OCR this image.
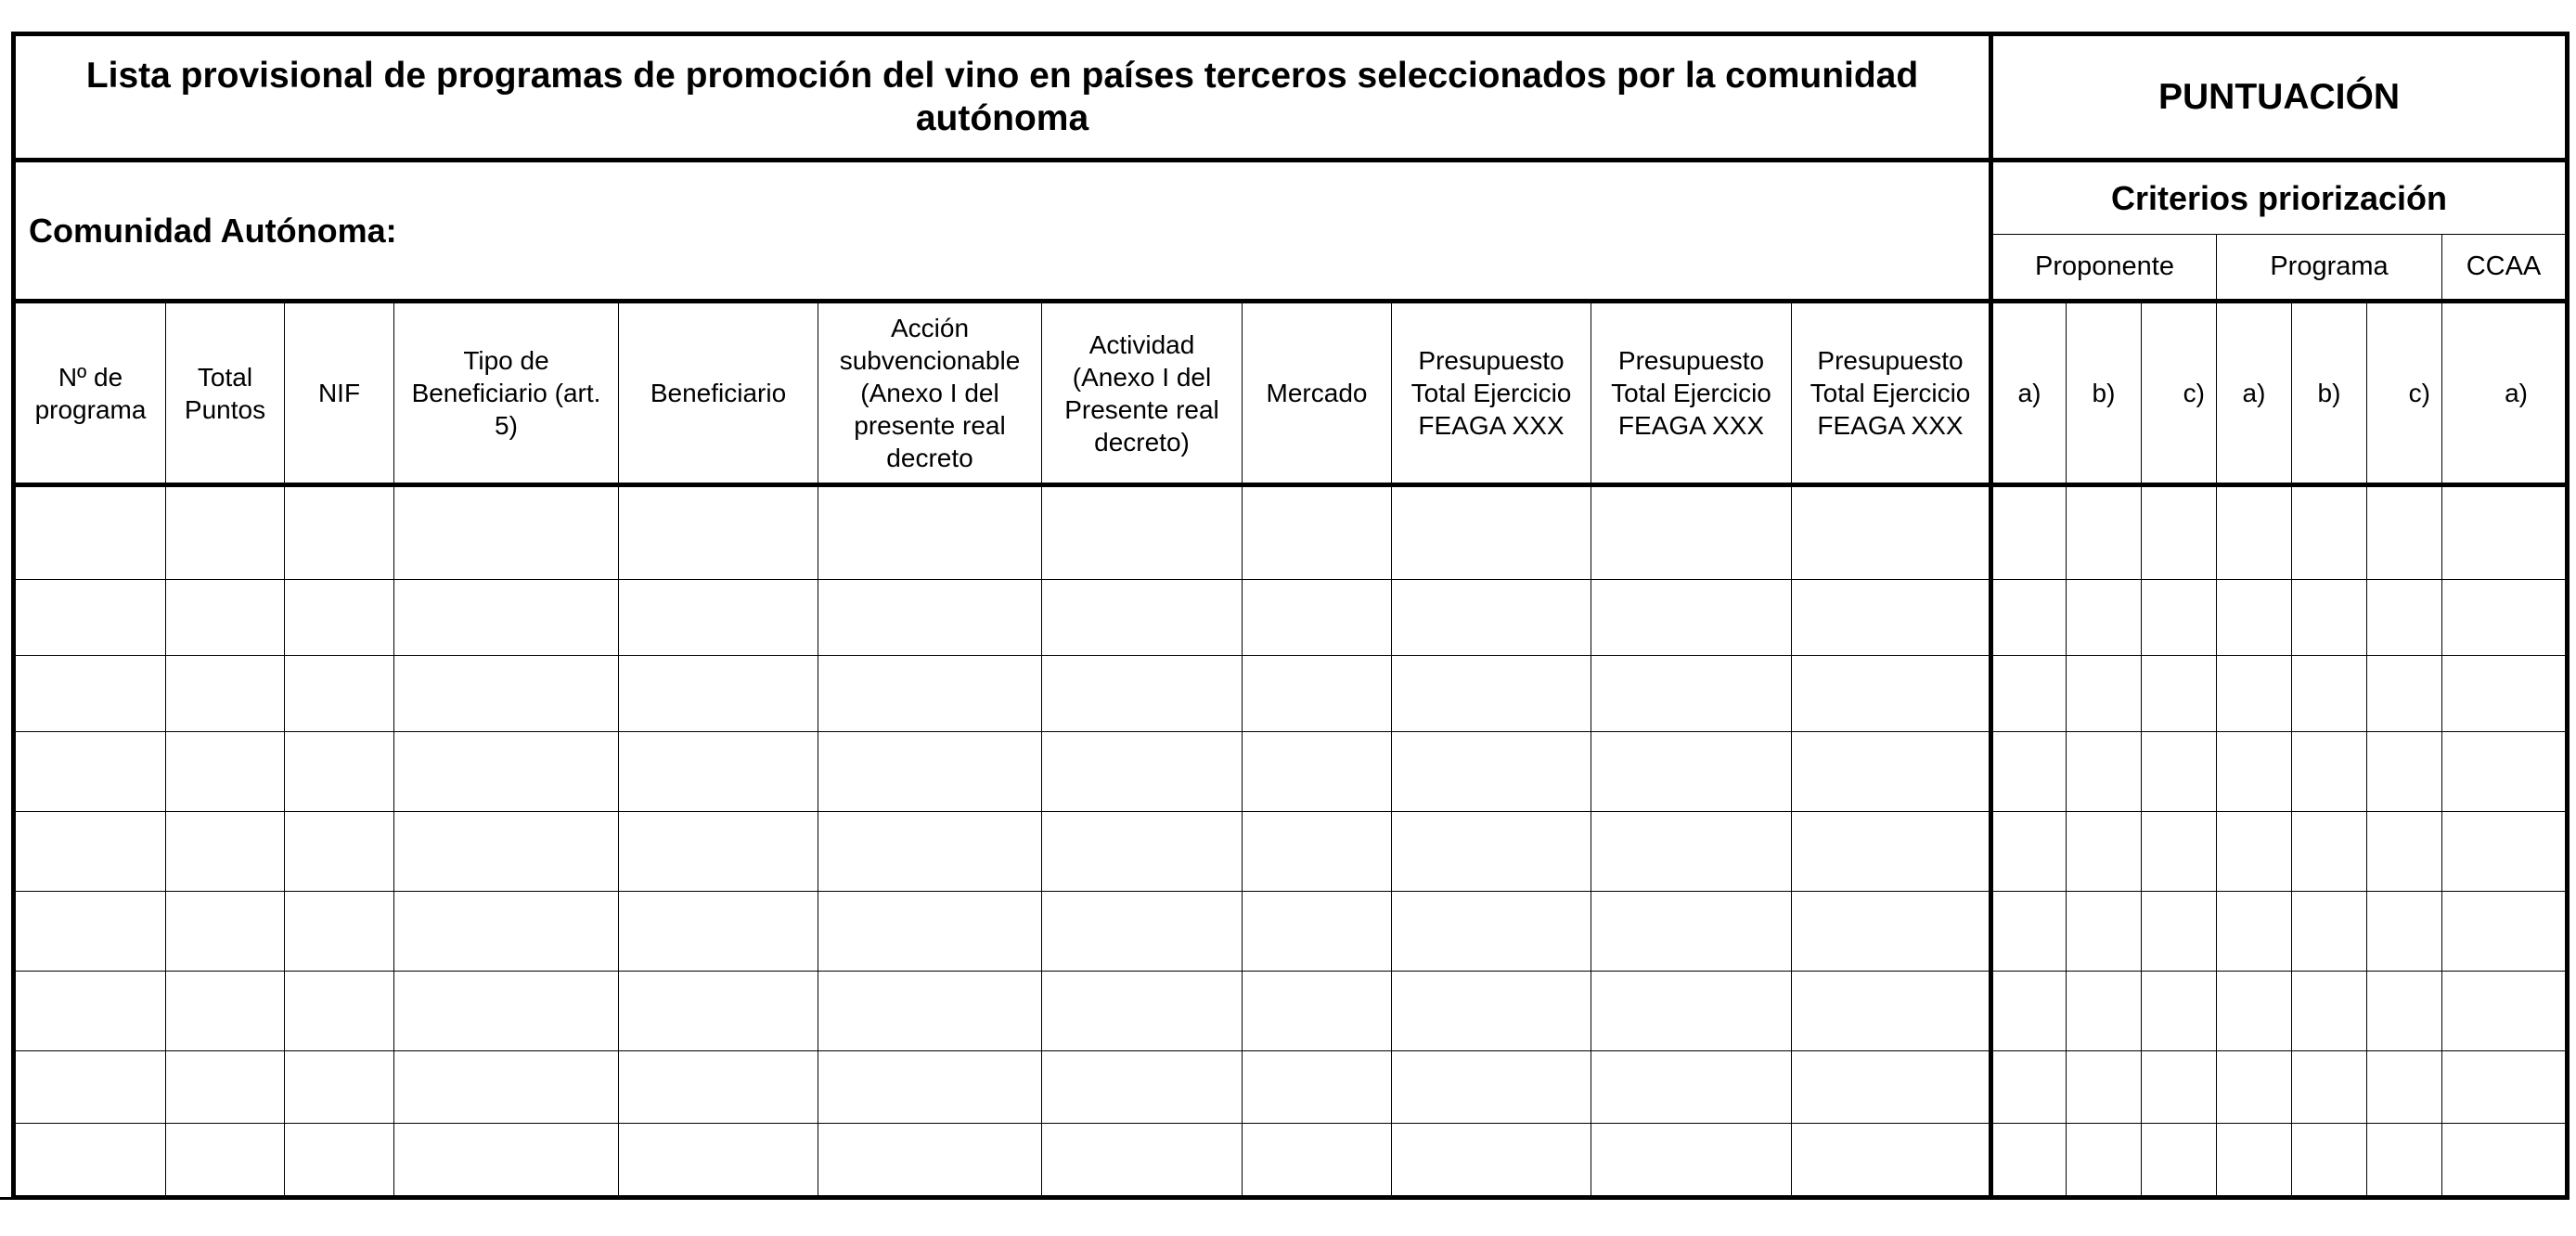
Lista provisional de programas de promoción del vino en países terceros seleccionados por la comunidad autónoma											PUNTUACIÓN						
Comunidad Autónoma:											Criterios priorización						
											Proponente			Programa			CCAA
Nº de programa	Total Puntos	NIF	Tipo de Beneficiario (art. 5)	Beneficiario	Acción subvencionable (Anexo I del presente real decreto	Actividad (Anexo I del Presente real decreto)	Mercado	Presupuesto Total Ejercicio FEAGA XXX	Presupuesto Total Ejercicio FEAGA XXX	Presupuesto Total Ejercicio FEAGA XXX	a)	b)	c)	a)	b)	c)	a)
